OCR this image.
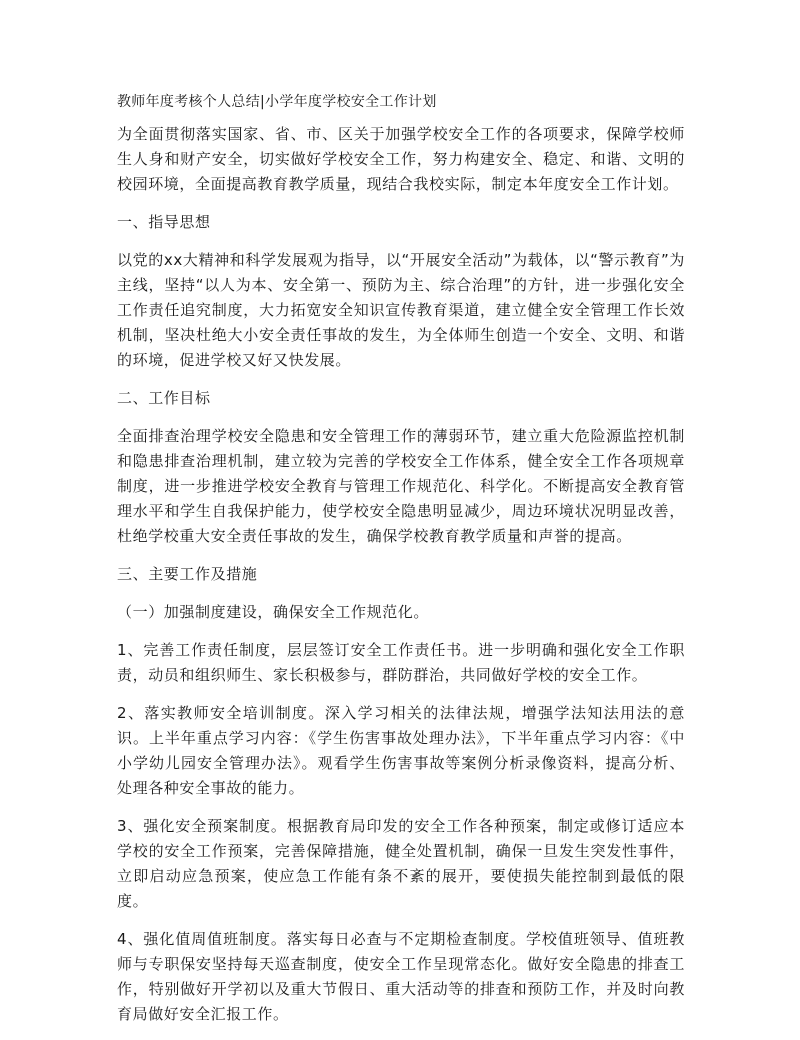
教师年度考核个人总结|小学年度学校安全工作计划

为全面贯彻落实国家、省、市、区关于加强学校安全工作的各项要求，保障学校师生人身和财产安全，切实做好学校安全工作，努力构建安全、稳定、和谐、文明的校园环境，全面提高教育教学质量，现结合我校实际，制定本年度安全工作计划。

一、指导思想

以党的xx大精神和科学发展观为指导，以“开展安全活动”为载体，以“警示教育”为主线，坚持“以人为本、安全第一、预防为主、综合治理”的方针，进一步强化安全工作责任追究制度，大力拓宽安全知识宣传教育渠道，建立健全安全管理工作长效机制，坚决杜绝大小安全责任事故的发生，为全体师生创造一个安全、文明、和谐的环境，促进学校又好又快发展。

二、工作目标

全面排查治理学校安全隐患和安全管理工作的薄弱环节，建立重大危险源监控机制和隐患排查治理机制，建立较为完善的学校安全工作体系，健全安全工作各项规章制度，进一步推进学校安全教育与管理工作规范化、科学化。不断提高安全教育管理水平和学生自我保护能力，使学校安全隐患明显减少，周边环境状况明显改善，杜绝学校重大安全责任事故的发生，确保学校教育教学质量和声誉的提高。

三、主要工作及措施

（一）加强制度建设，确保安全工作规范化。

1、完善工作责任制度，层层签订安全工作责任书。进一步明确和强化安全工作职责，动员和组织师生、家长积极参与，群防群治，共同做好学校的安全工作。

2、落实教师安全培训制度。深入学习相关的法律法规，增强学法知法用法的意识。上半年重点学习内容：《学生伤害事故处理办法》，下半年重点学习内容：《中小学幼儿园安全管理办法》。观看学生伤害事故等案例分析录像资料，提高分析、处理各种安全事故的能力。

3、强化安全预案制度。根据教育局印发的安全工作各种预案，制定或修订适应本学校的安全工作预案，完善保障措施，健全处置机制，确保一旦发生突发性事件，立即启动应急预案，使应急工作能有条不紊的展开，要使损失能控制到最低的限度。

4、强化值周值班制度。落实每日必查与不定期检查制度。学校值班领导、值班教师与专职保安坚持每天巡查制度，使安全工作呈现常态化。做好安全隐患的排查工作，特别做好开学初以及重大节假日、重大活动等的排查和预防工作，并及时向教育局做好安全汇报工作。
